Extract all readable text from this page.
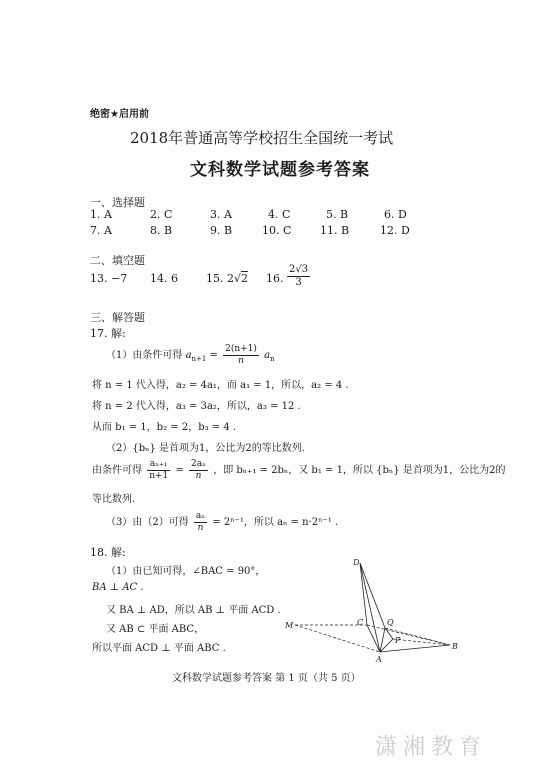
绝密★启用前
2018年普通高等学校招生全国统一考试
文科数学试题参考答案
一、选择题
1. A	2. C	3. A	4. C	5. B	6. D
7. A	8. B	9. B	10. C	11. B	12. D
二、填空题
13. −7 14. 6	15. 2√2 16. $\frac{2√3}{3}$
三、解答题
17. 解:
（1）由条件可得 $a_{n+1} = \frac{2(n+1)}{n} a_n$
将 n = 1 代入得，a₂ = 4a₁，而 a₁ = 1，所以，a₂ = 4 .
将 n = 2 代入得，a₃ = 3a₂，所以，a₃ = 12 .
从而 b₁ = 1，b₂ = 2，b₃ = 4 .
（2）{bₙ} 是首项为1，公比为2的等比数列.
由条件可得 $\frac{\text{aₙ₊₁}}{n+1} = \frac{\text{2aₙ}}{n}$ ，即 bₙ₊₁ = 2bₙ，又 b₁ = 1，所以 {bₙ} 是首项为1，公比为2的
等比数列.
（3）由（2）可得 $\frac{\text{aₙ}}{n} = 2^{n-1}$，所以 aₙ = n·2ⁿ⁻¹ .
18. 解:
（1）由已知可得，∠BAC = 90°，
BA ⊥ AC .
又 BA ⊥ AD，所以 AB ⊥ 平面 ACD .
又 AB ⊂ 平面 ABC，
所以平面 ACD ⊥ 平面 ABC .
D
M	C	Q
P
A
B
文科数学试题参考答案 第 1 页（共 5 页）
潇湘教育
